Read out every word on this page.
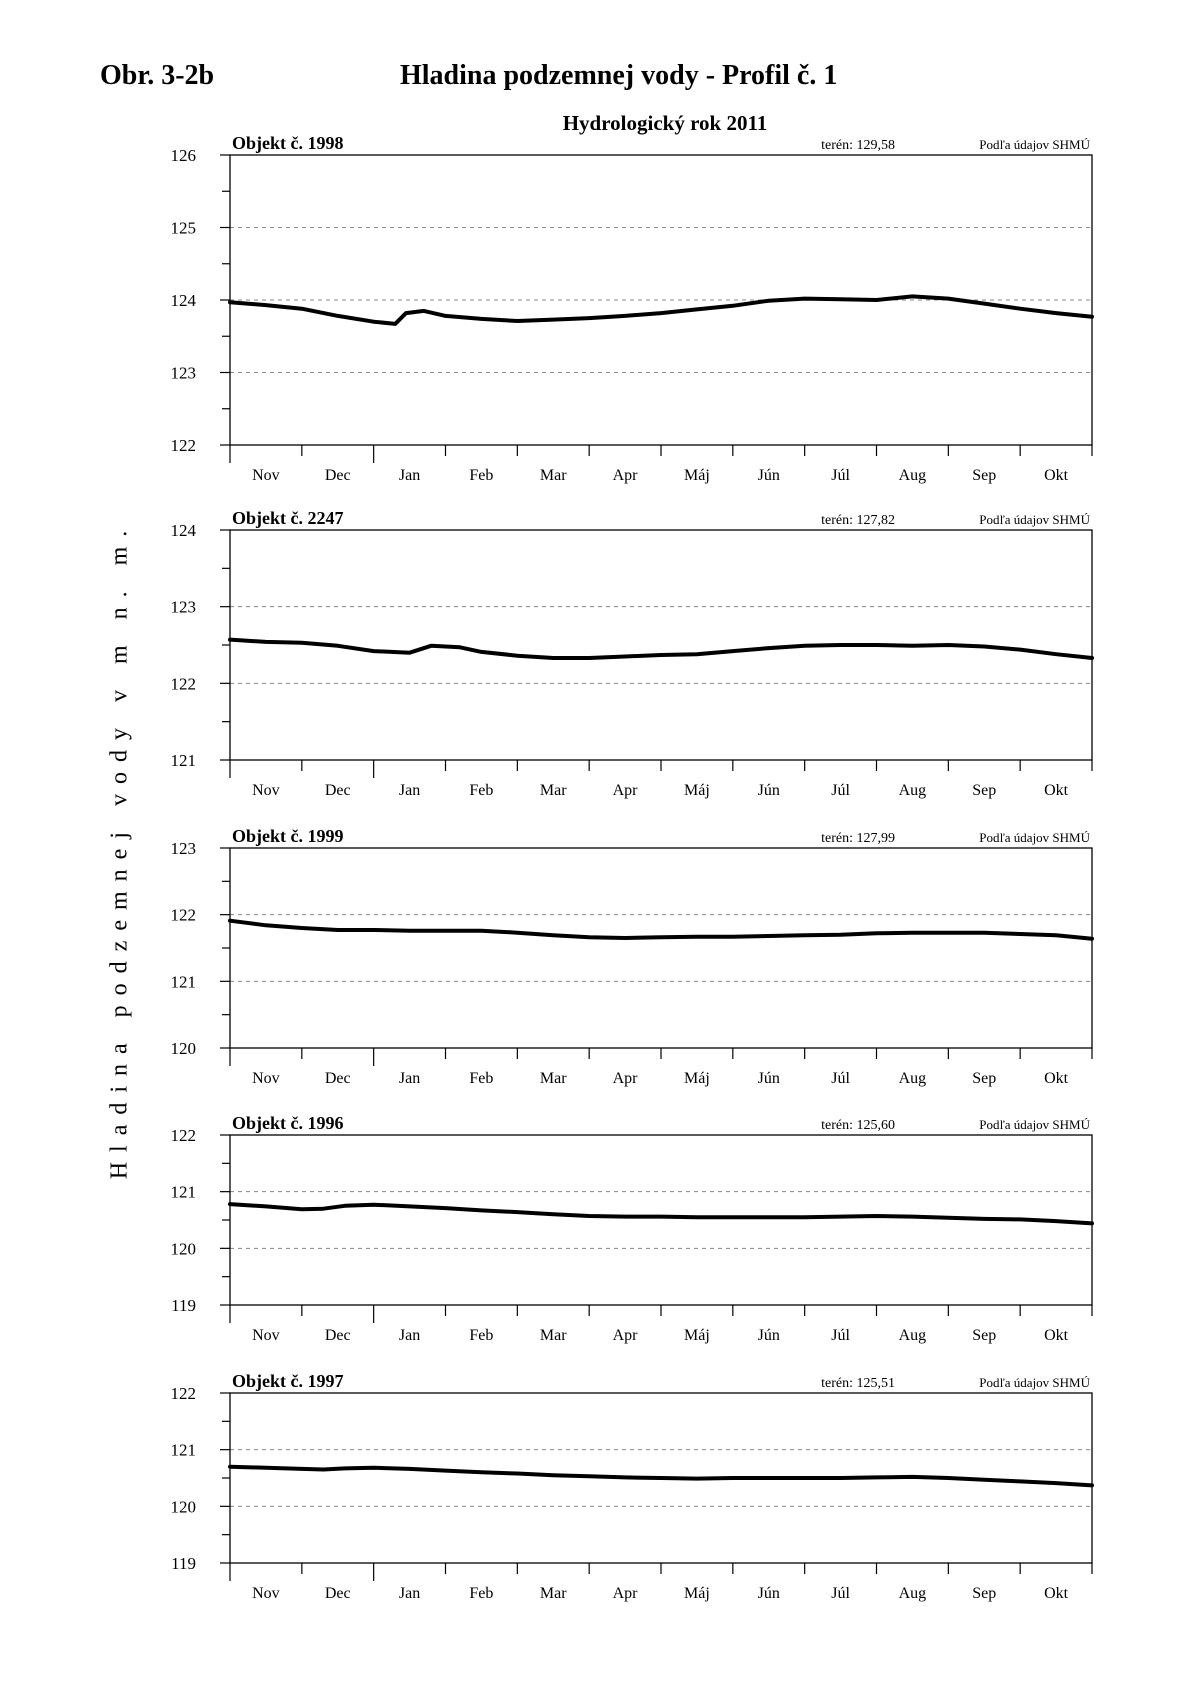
Obr. 3-2b	Hladina podzemnej vody - Profil č. 1
Hydrologický rok 2011
Hladina podzemnej vody v m n. m.
122
123
124
125
126
Nov	Dec	Jan	Feb	Mar	Apr	Máj	Jún	Júl	Aug	Sep	Okt
Objekt č. 1998	terén: 129,58	Podľa údajov SHMÚ
121
122
123
124
Nov	Dec	Jan	Feb	Mar	Apr	Máj	Jún	Júl	Aug	Sep	Okt
Objekt č. 2247	terén: 127,82	Podľa údajov SHMÚ
120
121
122
123
Nov	Dec	Jan	Feb	Mar	Apr	Máj	Jún	Júl	Aug	Sep	Okt
Objekt č. 1999	terén: 127,99	Podľa údajov SHMÚ
119
120
121
122
Nov	Dec	Jan	Feb	Mar	Apr	Máj	Jún	Júl	Aug	Sep	Okt
Objekt č. 1996	terén: 125,60	Podľa údajov SHMÚ
119
120
121
122
Nov	Dec	Jan	Feb	Mar	Apr	Máj	Jún	Júl	Aug	Sep	Okt
Objekt č. 1997	terén: 125,51	Podľa údajov SHMÚ
